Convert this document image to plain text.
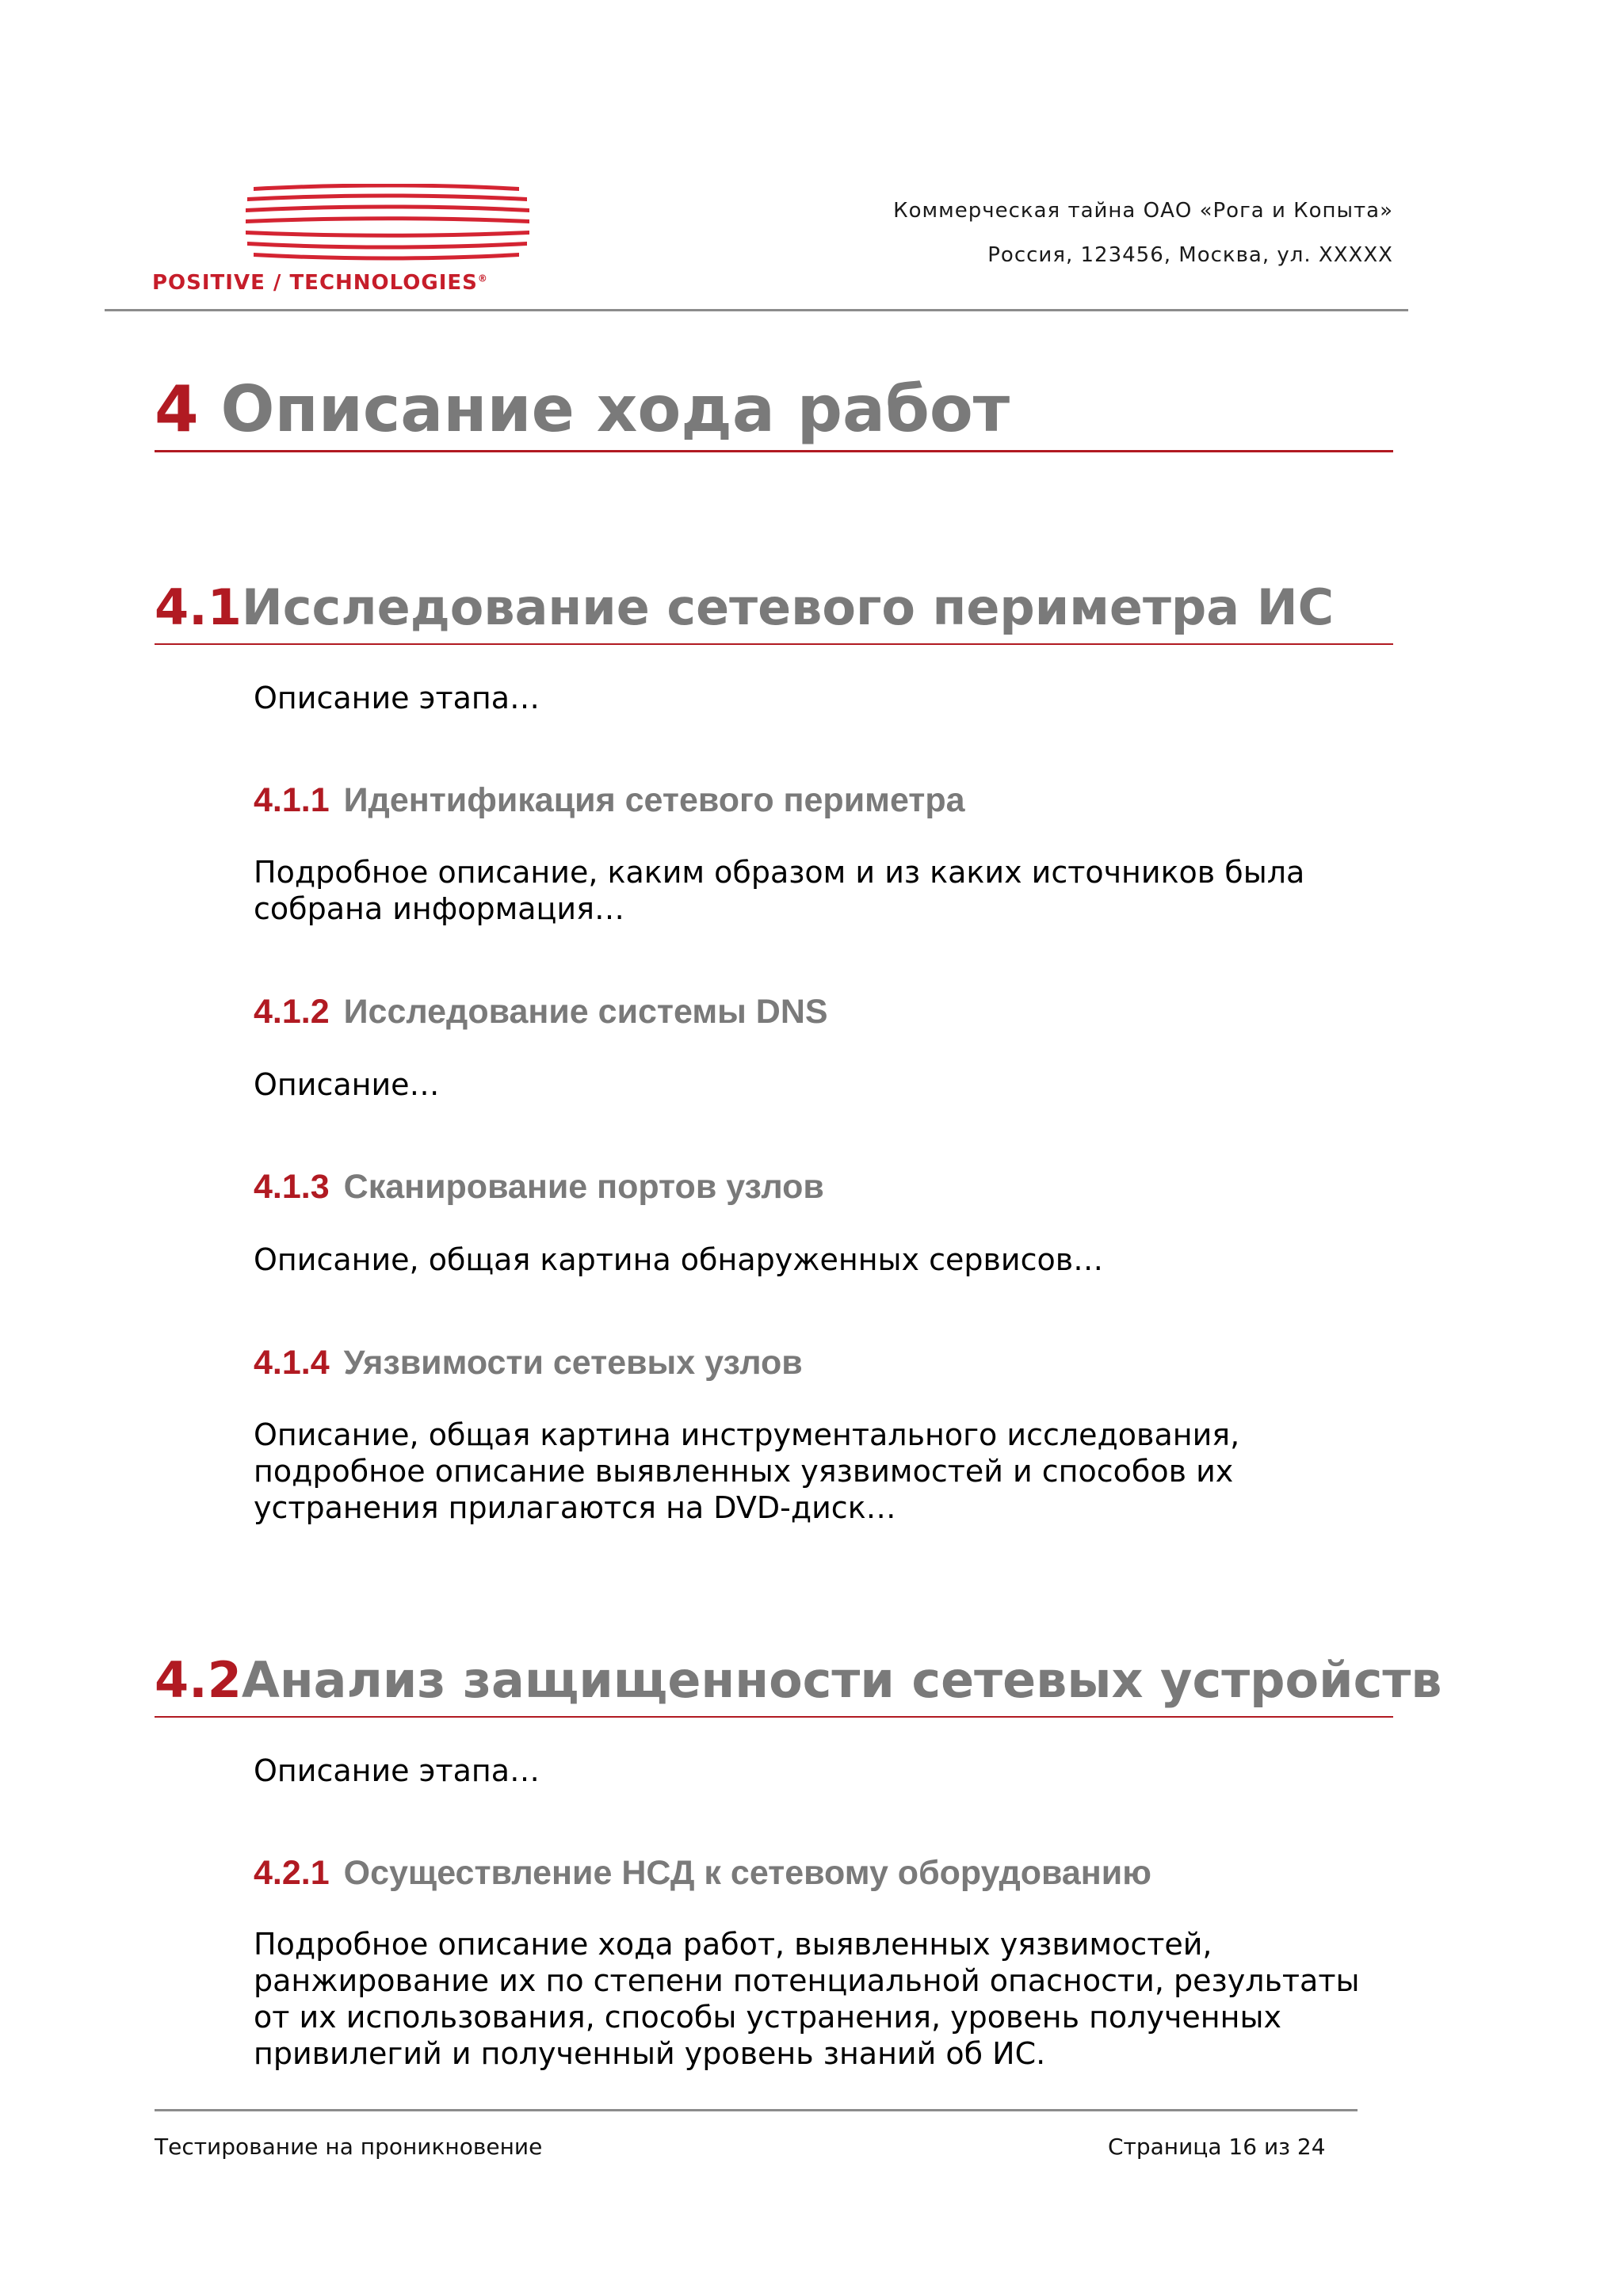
POSITIVE / TECHNOLOGIES®
Коммерческая тайна ОАО «Рога и Копыта»
Россия, 123456, Москва, ул. XXXXX
4 Описание хода работ
4.1Исследование сетевого периметра ИС
Описание этапа…
4.1.1 Идентификация сетевого периметра
Подробное описание, каким образом и из каких источников была собрана информация…
4.1.2 Исследование системы DNS
Описание…
4.1.3 Сканирование портов узлов
Описание, общая картина обнаруженных сервисов…
4.1.4 Уязвимости сетевых узлов
Описание, общая картина инструментального исследования, подробное описание выявленных уязвимостей и способов их устранения прилагаются на DVD-диск…
4.2Анализ защищенности сетевых устройств
Описание этапа…
4.2.1 Осуществление НСД к сетевому оборудованию
Подробное описание хода работ, выявленных уязвимостей, ранжирование их по степени потенциальной опасности, результаты от их использования, способы устранения, уровень полученных привилегий и полученный уровень знаний об ИС.
Тестирование на проникновение	Страница 16 из 24
